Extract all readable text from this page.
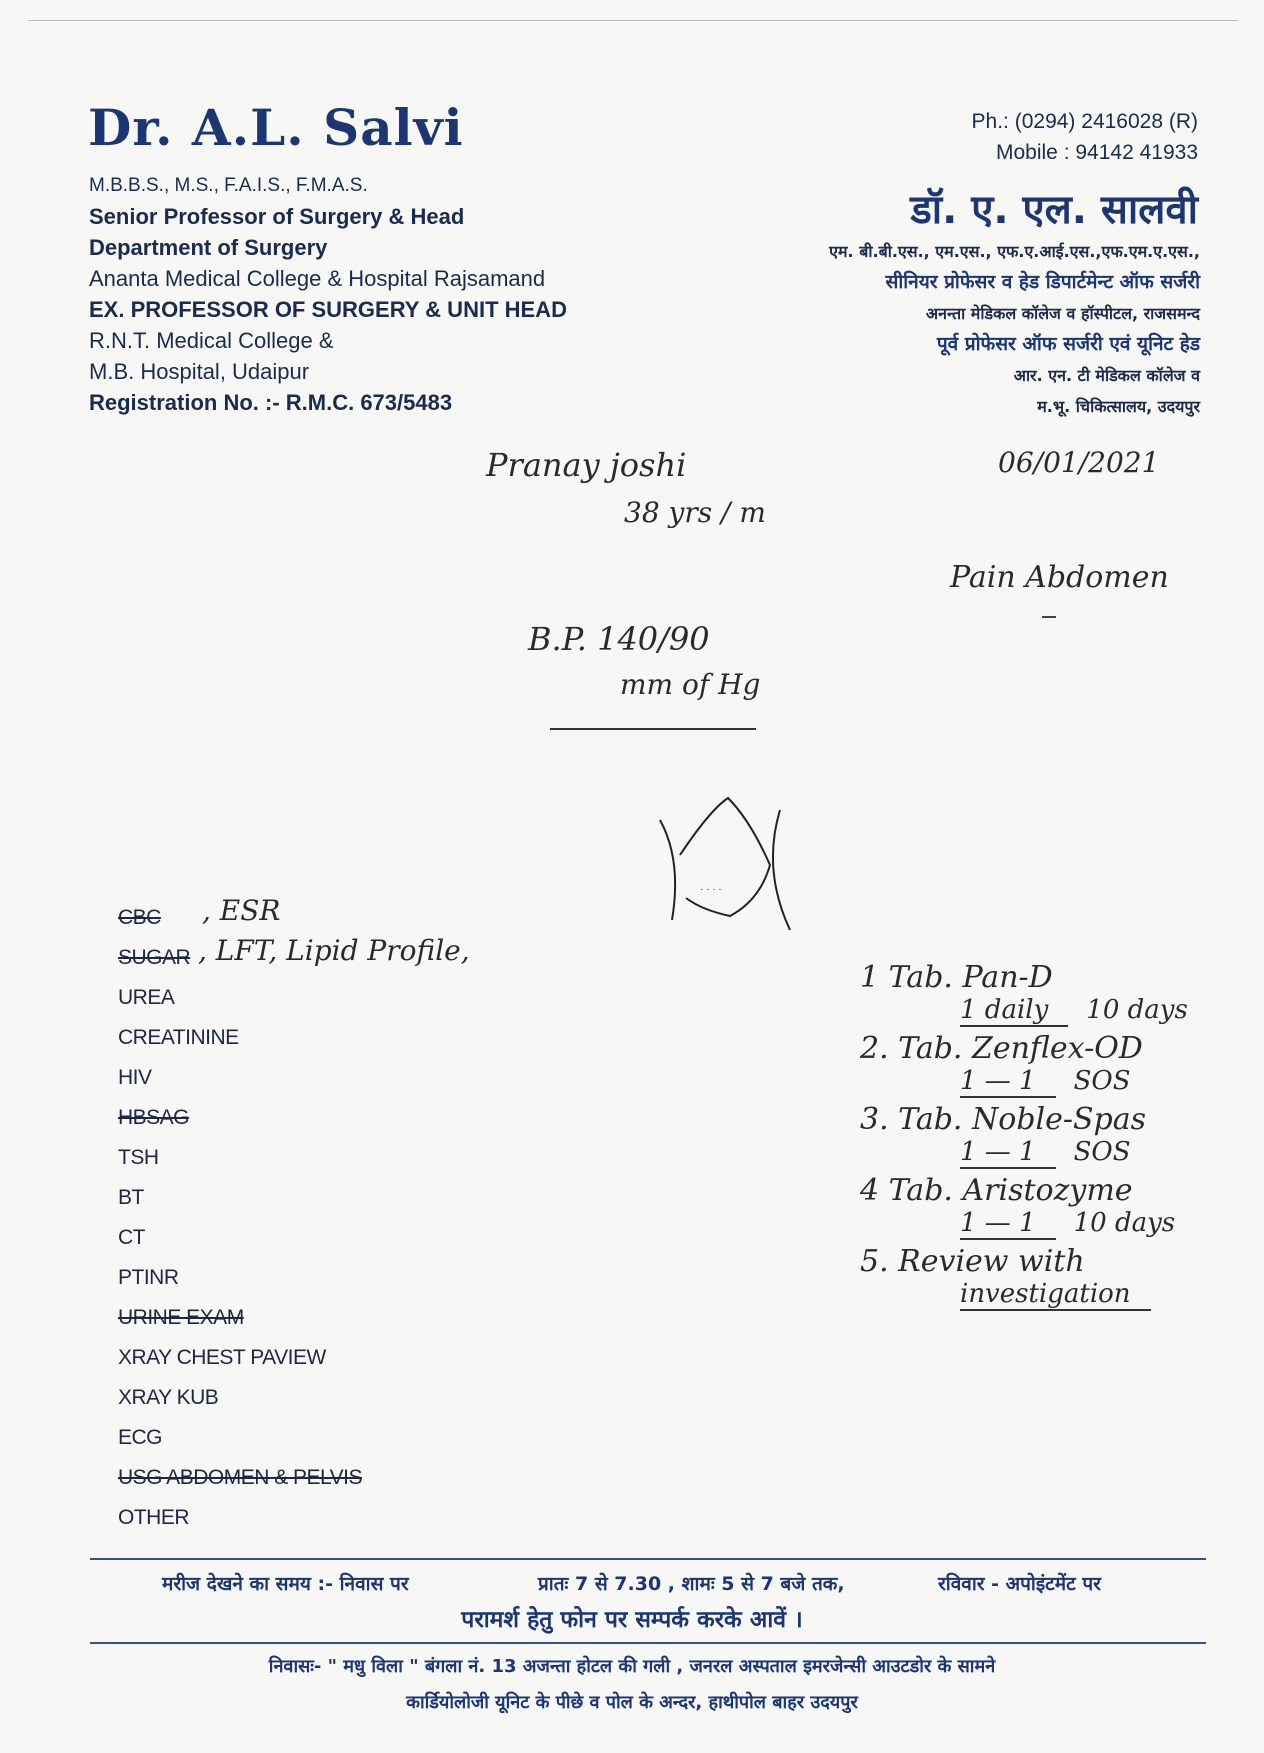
Dr. A.L. Salvi
M.B.B.S., M.S., F.A.I.S., F.M.A.S.
Senior Professor of Surgery & Head
Department of Surgery
Ananta Medical College & Hospital Rajsamand
EX. PROFESSOR OF SURGERY & UNIT HEAD
R.N.T. Medical College &
M.B. Hospital, Udaipur
Registration No. :- R.M.C. 673/5483
Ph.: (0294) 2416028 (R)
Mobile : 94142 41933
डॉ. ए. एल. सालवी
एम. बी.बी.एस., एम.एस., एफ.ए.आई.एस.,एफ.एम.ए.एस.,
सीनियर प्रोफेसर व हेड डिपार्टमेन्ट ऑफ सर्जरी
अनन्ता मेडिकल कॉलेज व हॉस्पीटल, राजसमन्द
पूर्व प्रोफेसर ऑफ सर्जरी एवं यूनिट हेड
आर. एन. टी मेडिकल कॉलेज व
म.भू. चिकित्सालय, उदयपुर
Pranay joshi
38 yrs / m
06/01/2021
Pain Abdomen
B.P. 140/90
mm of Hg
· · · ·
, ESR
, LFT, Lipid Profile,
CBC
SUGAR
UREA
CREATININE
HIV
HBSAG
TSH
BT
CT
PTINR
URINE EXAM
XRAY CHEST PAVIEW
XRAY KUB
ECG
USG ABDOMEN & PELVIS
OTHER
1 Tab. Pan-D
1 daily 10 days
2. Tab. Zenflex-OD
1 — 1 SOS
3. Tab. Noble-Spas
1 — 1 SOS
4 Tab. Aristozyme
1 — 1 10 days
5. Review with
investigation
मरीज देखने का समय :- निवास पर	प्रातः 7 से 7.30 , शामः 5 से 7 बजे तक,	रविवार - अपोइंटमेंट पर
परामर्श हेतु फोन पर सम्पर्क करके आवें ।
निवासः- " मधु विला " बंगला नं. 13 अजन्ता होटल की गली , जनरल अस्पताल इमरजेन्सी आउटडोर के सामने
कार्डियोलोजी यूनिट के पीछे व पोल के अन्दर, हाथीपोल बाहर उदयपुर
